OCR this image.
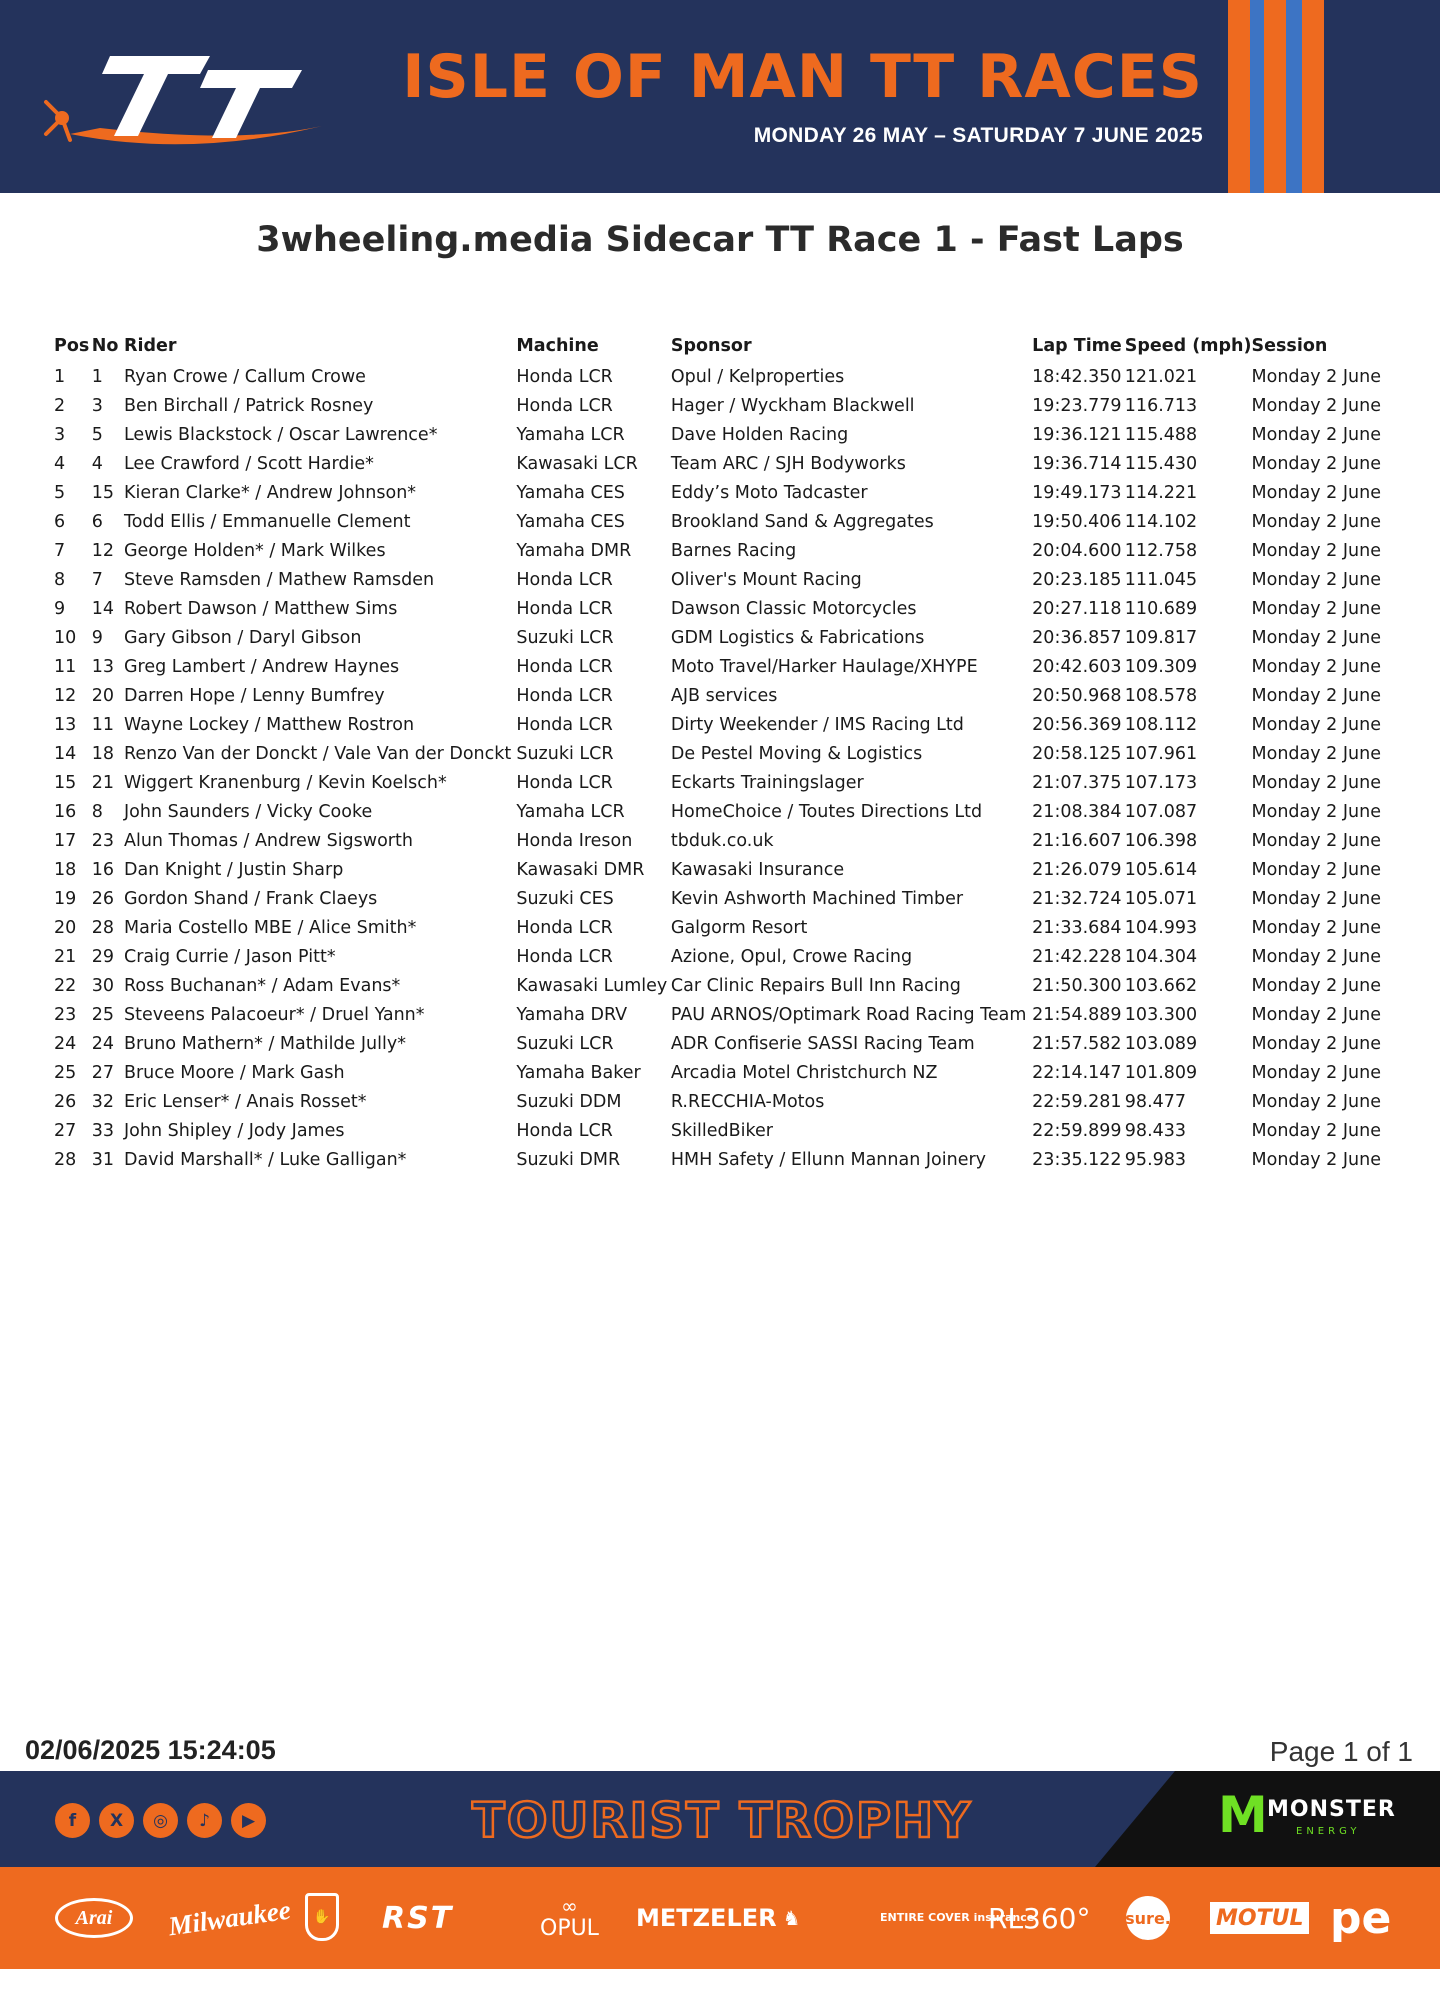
ISLE OF MAN TT RACES
MONDAY 26 MAY – SATURDAY 7 JUNE 2025
3wheeling.media Sidecar TT Race 1 - Fast Laps
Pos	No	Rider	Machine	Sponsor	Lap Time	Speed (mph)	Session
1	1	Ryan Crowe / Callum Crowe	Honda LCR	Opul / Kelproperties	18:42.350	121.021	Monday 2 June
2	3	Ben Birchall / Patrick Rosney	Honda LCR	Hager / Wyckham Blackwell	19:23.779	116.713	Monday 2 June
3	5	Lewis Blackstock / Oscar Lawrence*	Yamaha LCR	Dave Holden Racing	19:36.121	115.488	Monday 2 June
4	4	Lee Crawford / Scott Hardie*	Kawasaki LCR	Team ARC / SJH Bodyworks	19:36.714	115.430	Monday 2 June
5	15	Kieran Clarke* / Andrew Johnson*	Yamaha CES	Eddy’s Moto Tadcaster	19:49.173	114.221	Monday 2 June
6	6	Todd Ellis / Emmanuelle Clement	Yamaha CES	Brookland Sand & Aggregates	19:50.406	114.102	Monday 2 June
7	12	George Holden* / Mark Wilkes	Yamaha DMR	Barnes Racing	20:04.600	112.758	Monday 2 June
8	7	Steve Ramsden / Mathew Ramsden	Honda LCR	Oliver's Mount Racing	20:23.185	111.045	Monday 2 June
9	14	Robert Dawson / Matthew Sims	Honda LCR	Dawson Classic Motorcycles	20:27.118	110.689	Monday 2 June
10	9	Gary Gibson / Daryl Gibson	Suzuki LCR	GDM Logistics & Fabrications	20:36.857	109.817	Monday 2 June
11	13	Greg Lambert / Andrew Haynes	Honda LCR	Moto Travel/Harker Haulage/XHYPE	20:42.603	109.309	Monday 2 June
12	20	Darren Hope / Lenny Bumfrey	Honda LCR	AJB services	20:50.968	108.578	Monday 2 June
13	11	Wayne Lockey / Matthew Rostron	Honda LCR	Dirty Weekender / IMS Racing Ltd	20:56.369	108.112	Monday 2 June
14	18	Renzo Van der Donckt / Vale Van der Donckt	Suzuki LCR	De Pestel Moving & Logistics	20:58.125	107.961	Monday 2 June
15	21	Wiggert Kranenburg / Kevin Koelsch*	Honda LCR	Eckarts Trainingslager	21:07.375	107.173	Monday 2 June
16	8	John Saunders / Vicky Cooke	Yamaha LCR	HomeChoice / Toutes Directions Ltd	21:08.384	107.087	Monday 2 June
17	23	Alun Thomas / Andrew Sigsworth	Honda Ireson	tbduk.co.uk	21:16.607	106.398	Monday 2 June
18	16	Dan Knight / Justin Sharp	Kawasaki DMR	Kawasaki Insurance	21:26.079	105.614	Monday 2 June
19	26	Gordon Shand / Frank Claeys	Suzuki CES	Kevin Ashworth Machined Timber	21:32.724	105.071	Monday 2 June
20	28	Maria Costello MBE / Alice Smith*	Honda LCR	Galgorm Resort	21:33.684	104.993	Monday 2 June
21	29	Craig Currie / Jason Pitt*	Honda LCR	Azione, Opul, Crowe Racing	21:42.228	104.304	Monday 2 June
22	30	Ross Buchanan* / Adam Evans*	Kawasaki Lumley	Car Clinic Repairs Bull Inn Racing	21:50.300	103.662	Monday 2 June
23	25	Steveens Palacoeur* / Druel Yann*	Yamaha DRV	PAU ARNOS/Optimark Road Racing Team	21:54.889	103.300	Monday 2 June
24	24	Bruno Mathern* / Mathilde Jully*	Suzuki LCR	ADR Confiserie SASSI Racing Team	21:57.582	103.089	Monday 2 June
25	27	Bruce Moore / Mark Gash	Yamaha Baker	Arcadia Motel Christchurch NZ	22:14.147	101.809	Monday 2 June
26	32	Eric Lenser* / Anais Rosset*	Suzuki DDM	R.RECCHIA-Motos	22:59.281	98.477	Monday 2 June
27	33	John Shipley / Jody James	Honda LCR	SkilledBiker	22:59.899	98.433	Monday 2 June
28	31	David Marshall* / Luke Galligan*	Suzuki DMR	HMH Safety / Ellunn Mannan Joinery	23:35.122	95.983	Monday 2 June
02/06/2025 15:24:05	Page 1 of 1
f	X	◎	♪	▶	TOURIST TROPHY	M MONSTER
ENERGY
Arai	Milwaukee	✋ RST	∞
OPUL METZELER ♞	ENTIRE COVER insurance
RL360° sure. MOTUL pe
